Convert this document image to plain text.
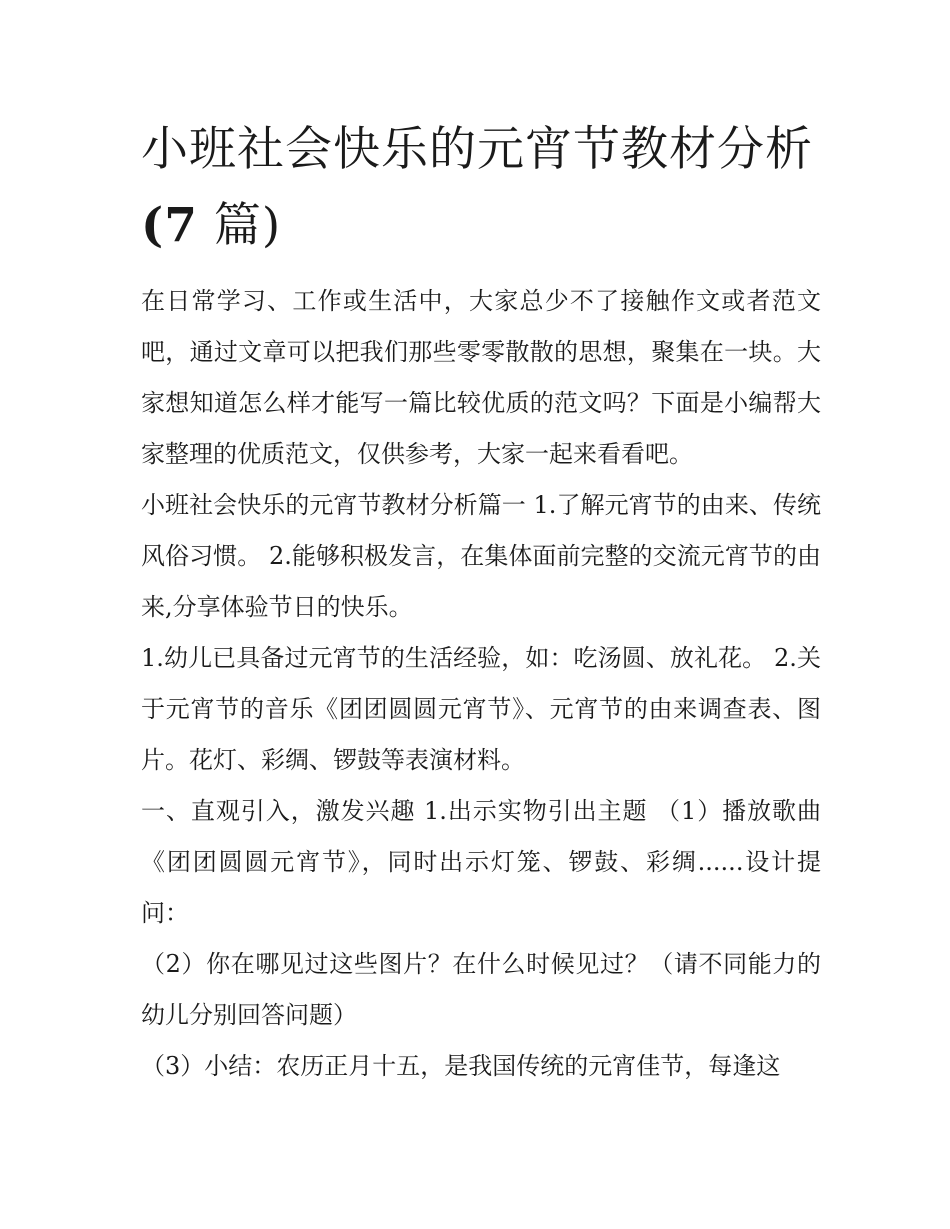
小班社会快乐的元宵节教材分析(7 篇)

在日常学习、工作或生活中，大家总少不了接触作文或者范文吧，通过文章可以把我们那些零零散散的思想，聚集在一块。大家想知道怎么样才能写一篇比较优质的范文吗？下面是小编帮大家整理的优质范文，仅供参考，大家一起来看看吧。

小班社会快乐的元宵节教材分析篇一 1.了解元宵节的由来、传统风俗习惯。 2.能够积极发言，在集体面前完整的交流元宵节的由来,分享体验节日的快乐。

1.幼儿已具备过元宵节的生活经验，如：吃汤圆、放礼花。 2.关于元宵节的音乐《团团圆圆元宵节》、元宵节的由来调查表、图片。花灯、彩绸、锣鼓等表演材料。

一、直观引入，激发兴趣 1.出示实物引出主题 （1）播放歌曲《团团圆圆元宵节》，同时出示灯笼、锣鼓、彩绸......设计提问：

（2）你在哪见过这些图片？在什么时候见过？（请不同能力的幼儿分别回答问题）

（3）小结：农历正月十五，是我国传统的元宵佳节，每逢这
